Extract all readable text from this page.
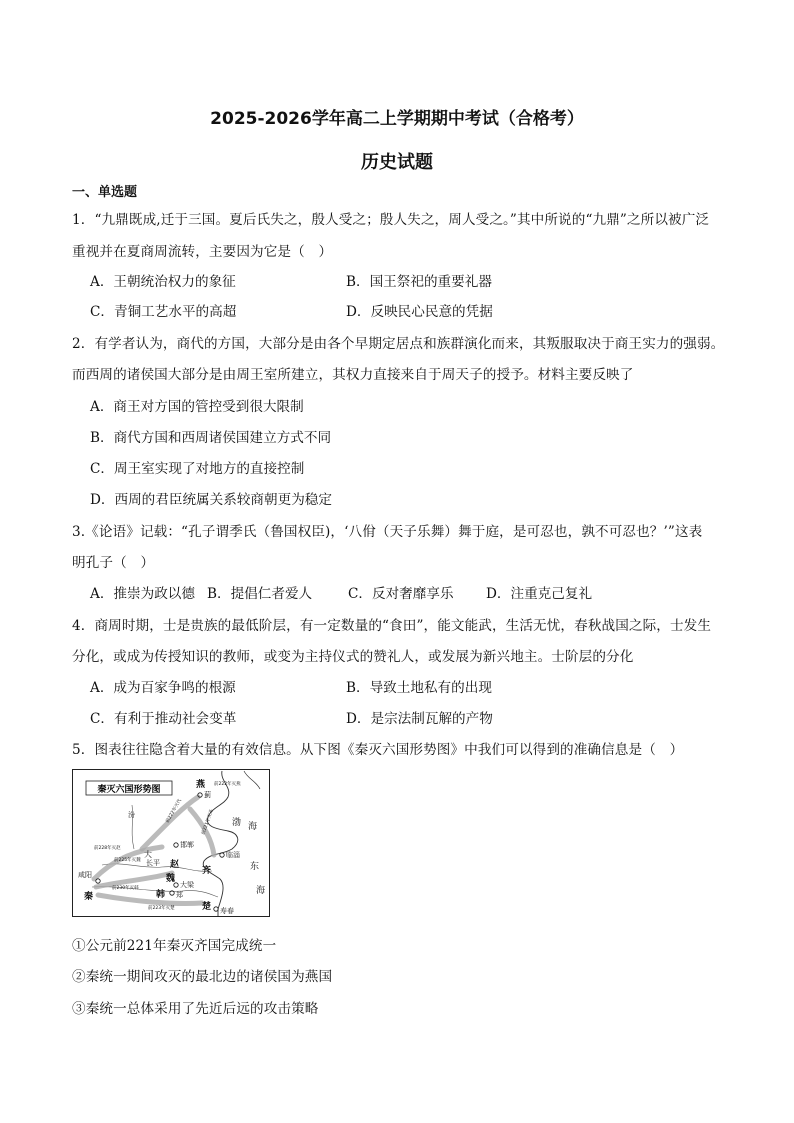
2025-2026学年高二上学期期中考试（合格考）
历史试题
一、单选题
1．“九鼎既成,迁于三国。夏后氏失之，殷人受之；殷人失之，周人受之。”其中所说的“九鼎”之所以被广泛
重视并在夏商周流转，主要因为它是（　）
A．王朝统治权力的象征	B．国王祭祀的重要礼器
C．青铜工艺水平的高超	D．反映民心民意的凭据
2．有学者认为，商代的方国，大部分是由各个早期定居点和族群演化而来，其叛服取决于商王实力的强弱。
而西周的诸侯国大部分是由周王室所建立，其权力直接来自于周天子的授予。材料主要反映了
A．商王对方国的管控受到很大限制
B．商代方国和西周诸侯国建立方式不同
C．周王室实现了对地方的直接控制
D．西周的君臣统属关系较商朝更为稳定
3.《论语》记载：“孔子谓季氏（鲁国权臣)，‘八佾（天子乐舞）舞于庭，是可忍也，孰不可忍也？’”这表
明孔子（　）
A．推崇为政以德 B．提倡仁者爱人	C．反对奢靡享乐 D．注重克己复礼
4．商周时期，士是贵族的最低阶层，有一定数量的“食田”，能文能武，生活无忧，春秋战国之际，士发生
分化，或成为传授知识的教师，或变为主持仪式的赞礼人，或发展为新兴地主。士阶层的分化
A．成为百家争鸣的根源	B．导致土地私有的出现
C．有利于推动社会变革	D．是宗法制瓦解的产物
5．图表往往隐含着大量的有效信息。从下图《秦灭六国形势图》中我们可以得到的准确信息是（　）
秦灭六国形势图	燕
蓟
渤 海
赵
邯郸
长平
大
齐
临淄
魏
大梁
韩 郑
秦
咸阳
楚 寿春
东
海
汾
前222年灭燕
前221年灭齐
前228年灭赵
前225年灭魏
前230年灭韩
前223年灭楚
前222年灭代
①公元前221年秦灭齐国完成统一
②秦统一期间攻灭的最北边的诸侯国为燕国
③秦统一总体采用了先近后远的攻击策略
